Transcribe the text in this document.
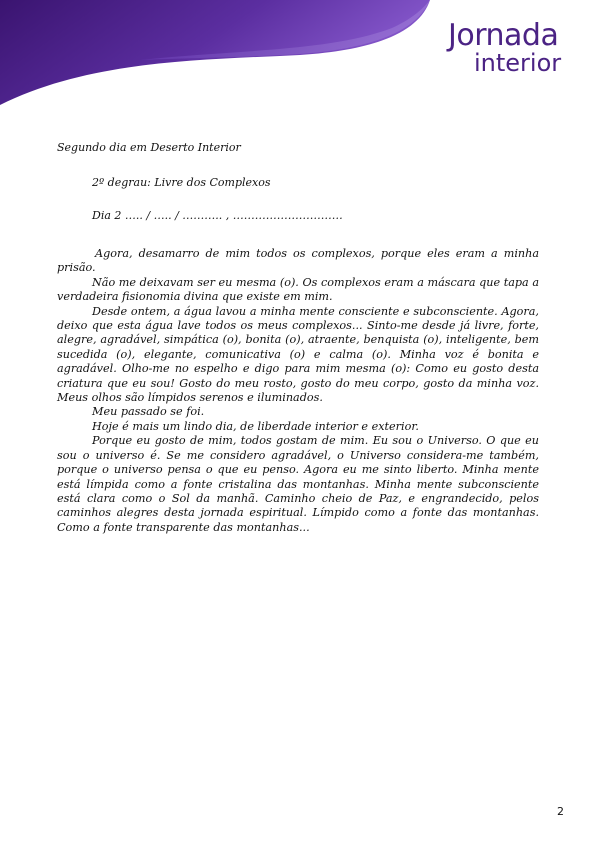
Jornada
interior
Segundo dia em Deserto Interior
2º degrau: Livre dos Complexos
Dia 2 ….. / ….. / ……….. , …………………………

Agora, desamarro de mim todos os complexos, porque eles eram a minha prisão.

Não me deixavam ser eu mesma (o). Os complexos eram a máscara que tapa a verdadeira fisionomia divina que existe em mim.

Desde ontem, a água lavou a minha mente consciente e subconsciente. Agora, deixo que esta água lave todos os meus complexos... Sinto-me desde já livre, forte, alegre, agradável, simpática (o), bonita (o), atraente, benquista (o), inteligente, bem sucedida (o), elegante, comunicativa (o) e calma (o). Minha voz é bonita e agradável. Olho-me no espelho e digo para mim mesma (o): Como eu gosto desta criatura que eu sou! Gosto do meu rosto, gosto do meu corpo, gosto da minha voz. Meus olhos são límpidos serenos e iluminados.

Meu passado se foi.

Hoje é mais um lindo dia, de liberdade interior e exterior.

Porque eu gosto de mim, todos gostam de mim. Eu sou o Universo. O que eu sou o universo é. Se me considero agradável, o Universo considera-me também, porque o universo pensa o que eu penso. Agora eu me sinto liberto. Minha mente está límpida como a fonte cristalina das montanhas. Minha mente subconsciente está clara como o Sol da manhã. Caminho cheio de Paz, e engrandecido, pelos caminhos alegres desta jornada espiritual. Límpido como a fonte das montanhas. Como a fonte transparente das montanhas...

2
